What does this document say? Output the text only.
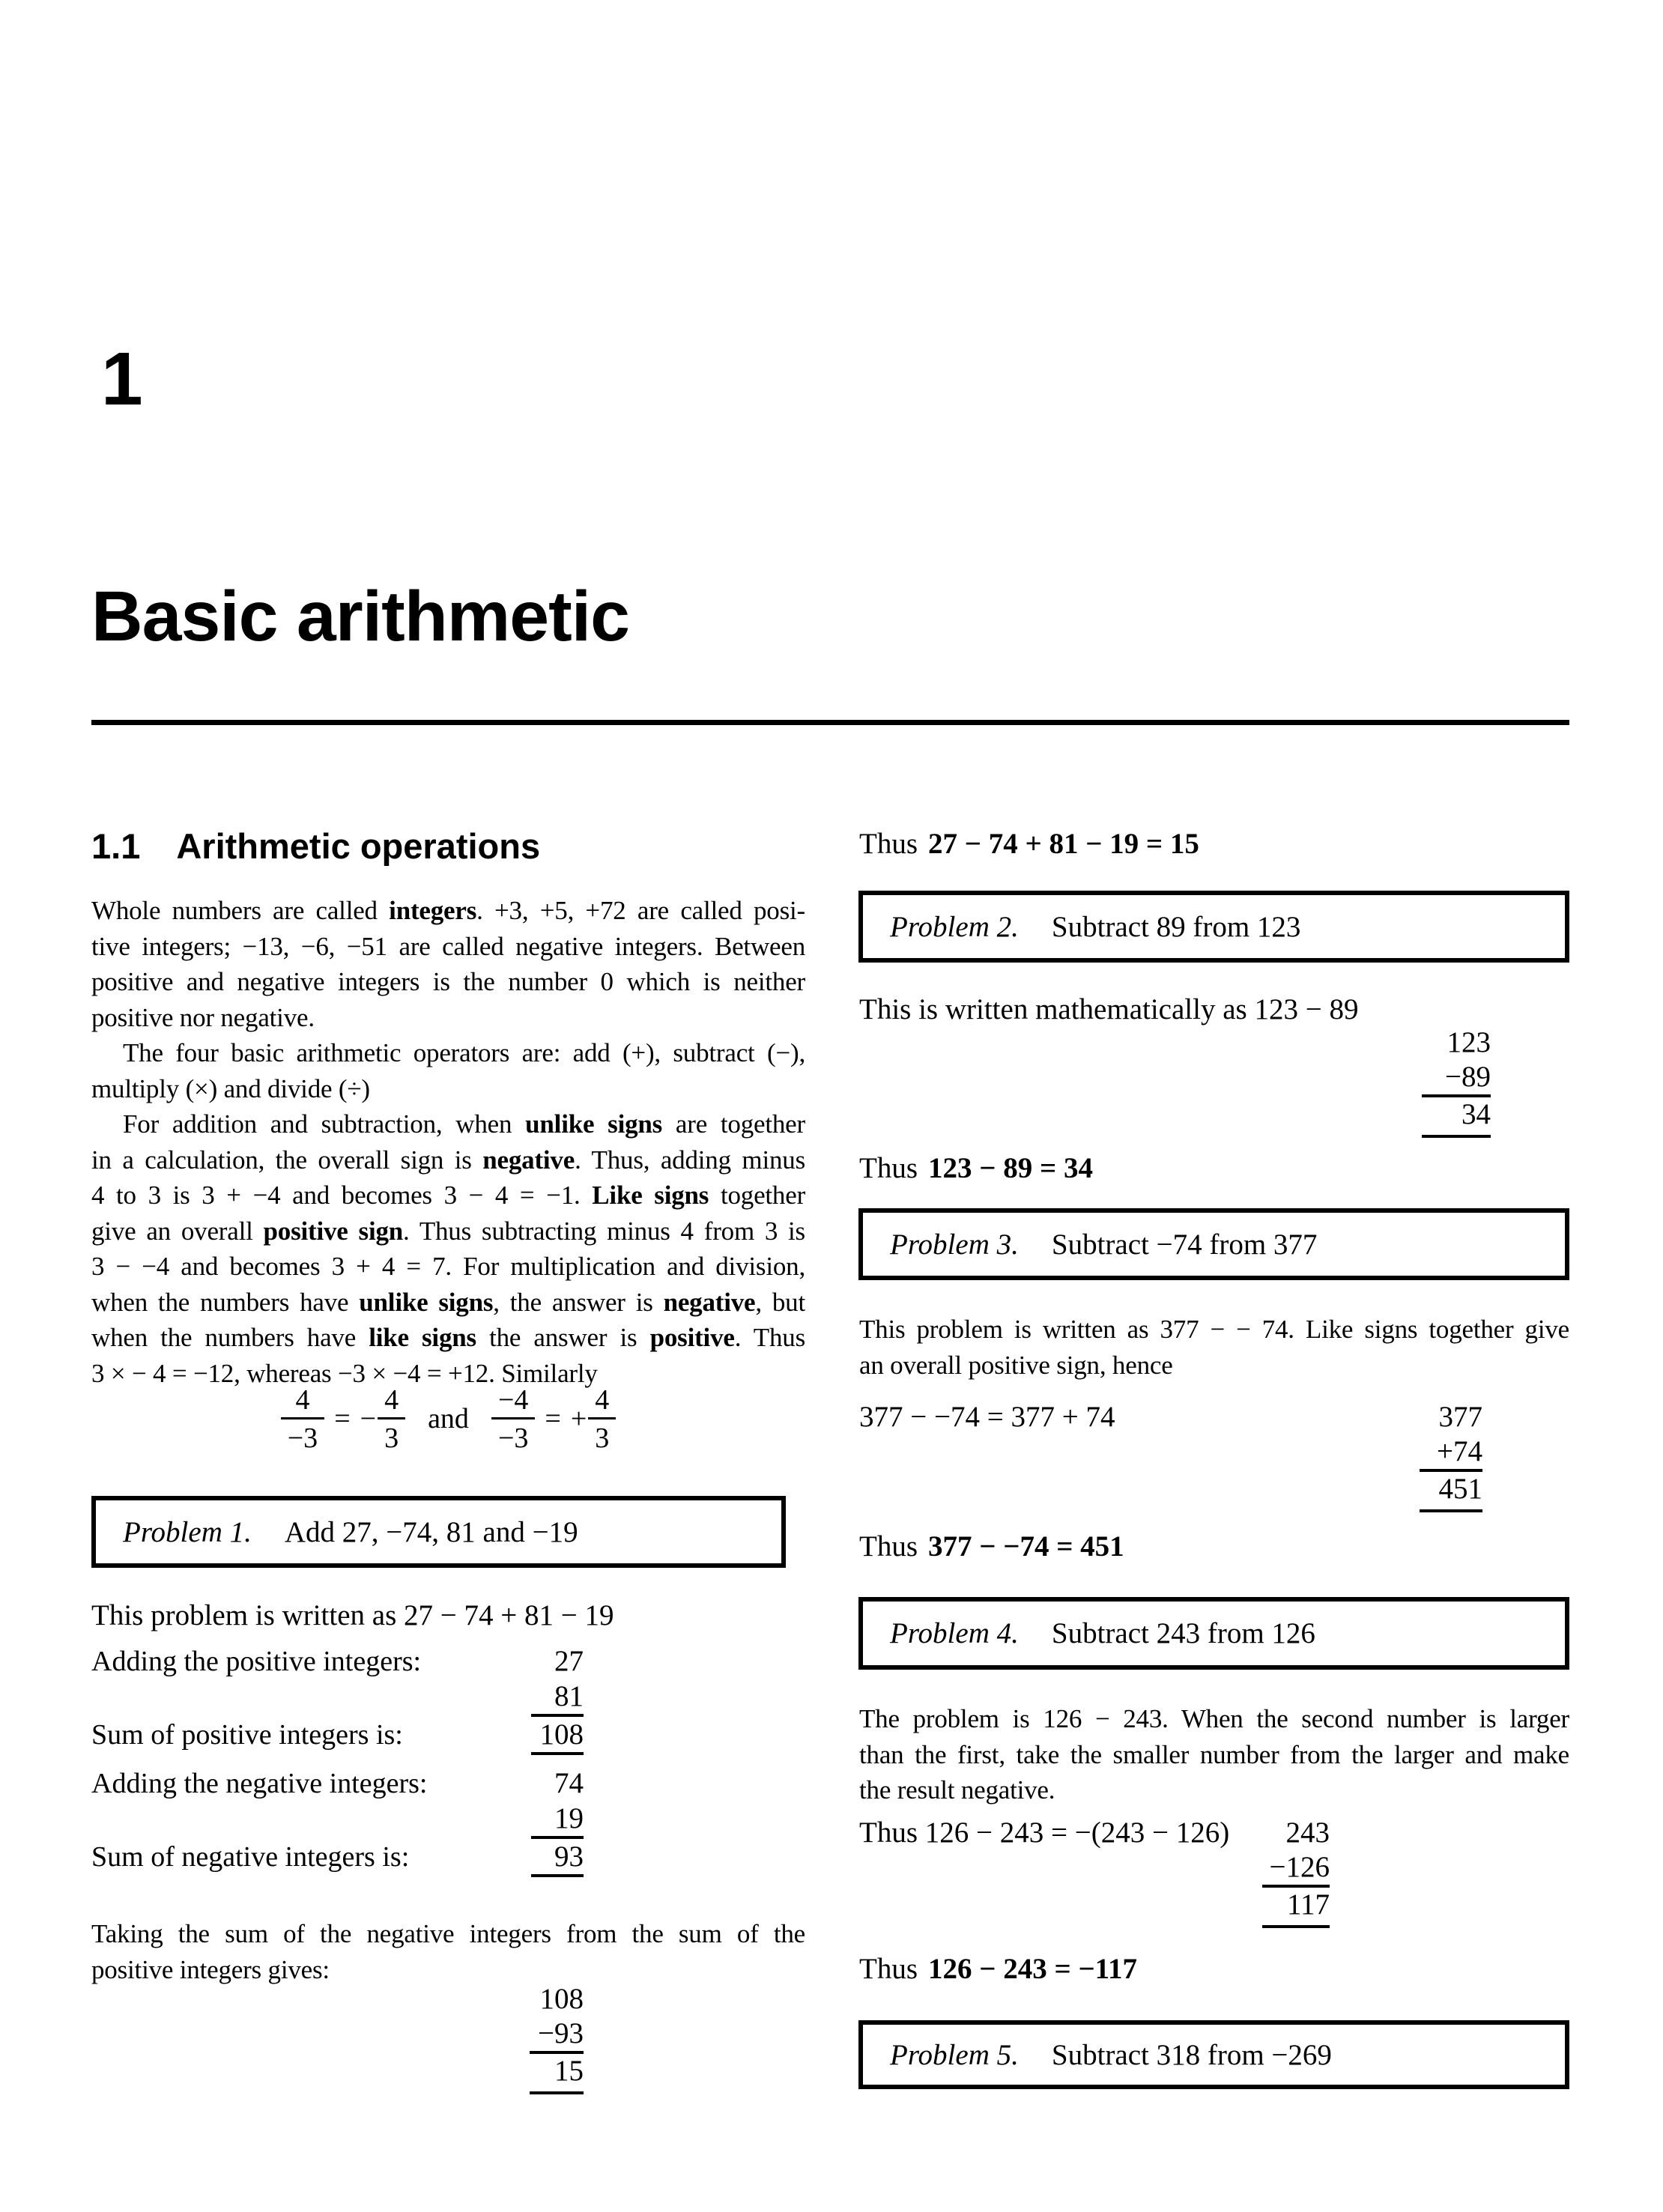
1
Basic arithmetic
1.1 Arithmetic operations
Whole numbers are called integers. +3, +5, +72 are called posi-
tive integers; −13, −6, −51 are called negative integers. Between
positive and negative integers is the number 0 which is neither
positive nor negative.
The four basic arithmetic operators are: add (+), subtract (−),
multiply (×) and divide (÷)
For addition and subtraction, when unlike signs are together
in a calculation, the overall sign is negative. Thus, adding minus
4 to 3 is 3 + −4 and becomes 3 − 4 = −1. Like signs together
give an overall positive sign. Thus subtracting minus 4 from 3 is
3 − −4 and becomes 3 + 4 = 7. For multiplication and division,
when the numbers have unlike signs, the answer is negative, but
when the numbers have like signs the answer is positive. Thus
3 × − 4 = −12, whereas −3 × −4 = +12. Similarly
$\frac{4}{-3}$ = − $\frac{4}{3}$ and $\frac{-4}{-3}$ = + $\frac{4}{3}$
Problem 1. Add 27, −74, 81 and −19
This problem is written as 27 − 74 + 81 − 19
Adding the positive integers:	27
81
Sum of positive integers is:	108
Adding the negative integers:	74
19
Sum of negative integers is:	93
Taking the sum of the negative integers from the sum of the
positive integers gives:
108
−93
15
Thus 27 − 74 + 81 − 19 = 15
Problem 2. Subtract 89 from 123
This is written mathematically as 123 − 89
123
−89
34
Thus 123 − 89 = 34
Problem 3. Subtract −74 from 377
This problem is written as 377 − − 74. Like signs together give
an overall positive sign, hence
377 − −74 = 377 + 74	377
+74
451
Thus 377 − −74 = 451
Problem 4. Subtract 243 from 126
The problem is 126 − 243. When the second number is larger
than the first, take the smaller number from the larger and make
the result negative.
Thus 126 − 243 = −(243 − 126)	243
−126
117
Thus 126 − 243 = −117
Problem 5. Subtract 318 from −269
